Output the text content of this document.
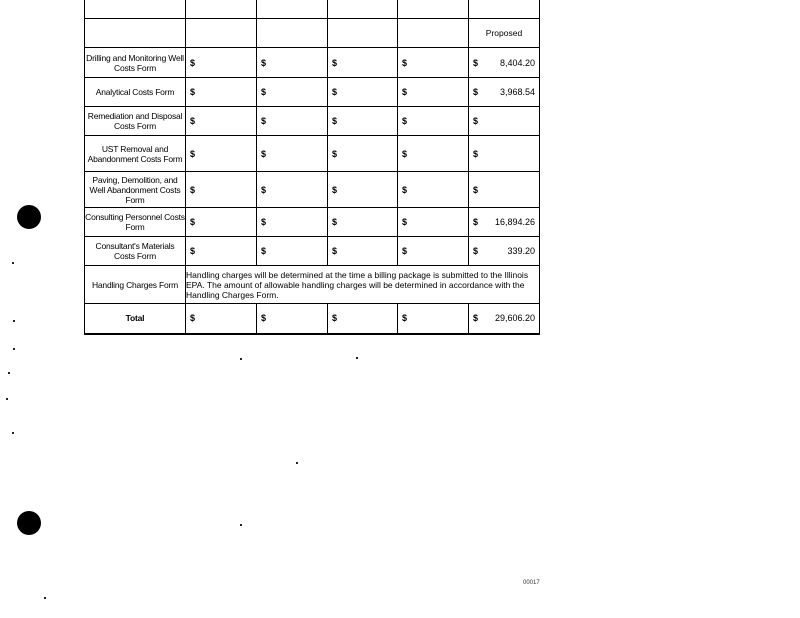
					Proposed
Drilling and Monitoring Well Costs Form	$	$	$	$	$ 8,404.20

Analytical Costs Form	$	$	$	$	$ 3,968.54

Remediation and Disposal Costs Form	$	$	$	$	$

UST Removal and Abandonment Costs Form	$	$	$	$	$

Paving, Demolition, and Well Abandonment Costs Form	$	$	$	$	$

Consulting Personnel Costs Form	$	$	$	$	$ 16,894.26

Consultant's Materials Costs Form	$	$	$	$	$ 339.20

Handling Charges Form	Handling charges will be determined at the time a billing package is submitted to the Illinois EPA. The amount of allowable handling charges will be determined in accordance with the Handling Charges Form.				
Total	$	$	$	$	$ 29,606.20
00017
